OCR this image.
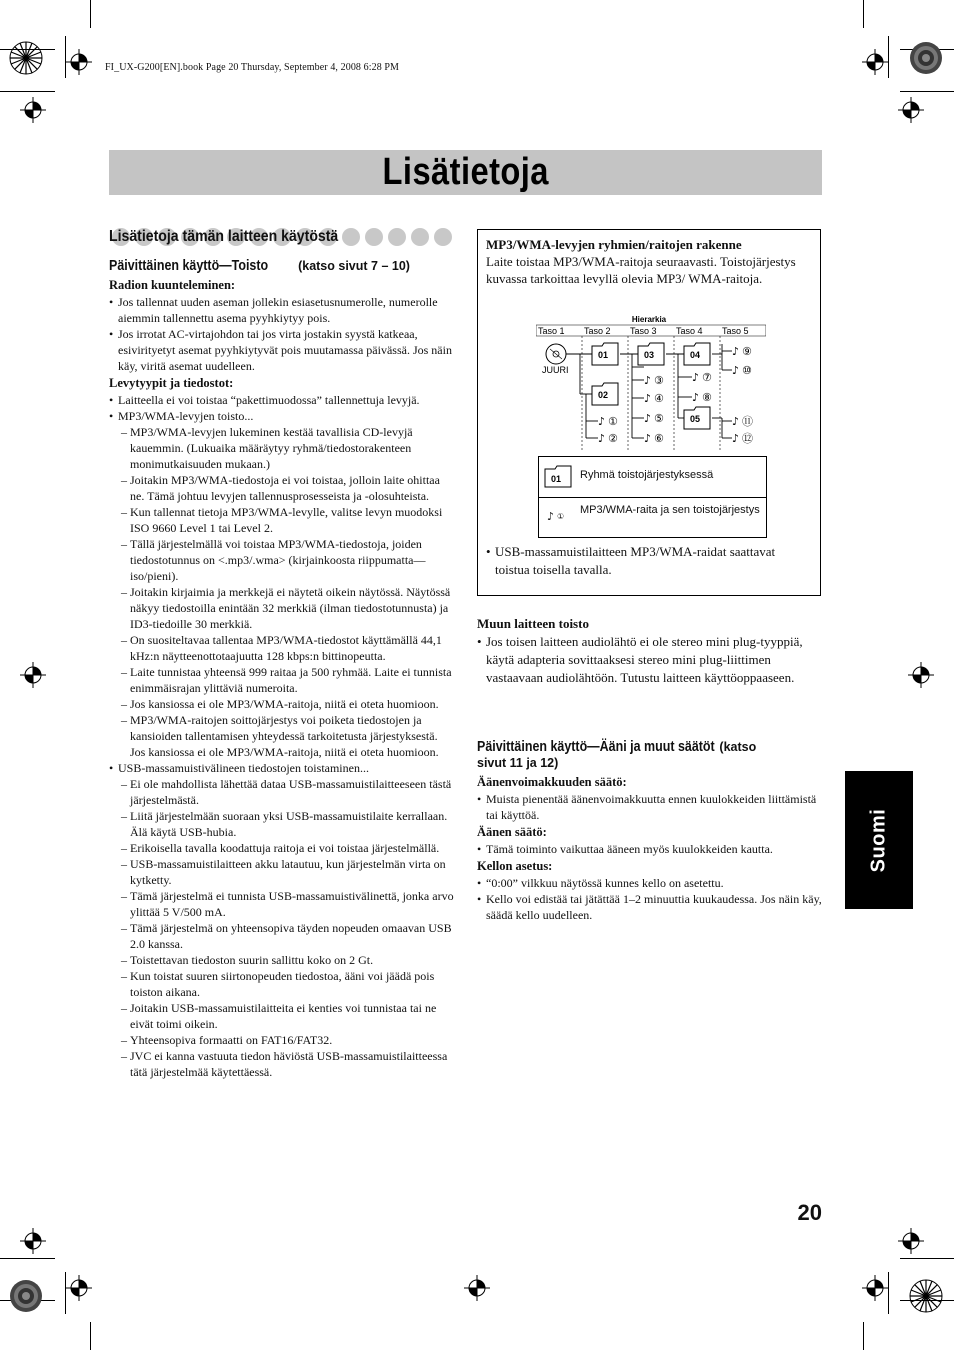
FI_UX-G200[EN].book Page 20 Thursday, September 4, 2008 6:28 PM
Lisätietoja
Lisätietoja tämän laitteen käytöstä
Päivittäinen käyttö—Toisto (katso sivut 7 – 10)
Radion kuunteleminen:
• Jos tallennat uuden aseman jollekin esiasetusnumerolle, numerolle aiemmin tallennettu asema pyyhkiytyy pois.
• Jos irrotat AC-virtajohdon tai jos virta jostakin syystä katkeaa, esivirityetyt asemat pyyhkiytyvät pois muutamassa päivässä. Jos näin käy, viritä asemat uudelleen.
Levytyypit ja tiedostot:
• Laitteella ei voi toistaa “pakettimuodossa” tallennettuja levyjä.
• MP3/WMA-levyjen toisto...
– MP3/WMA-levyjen lukeminen kestää tavallisia CD-levyjä kauemmin. (Lukuaika määräytyy ryhmä/tiedostorakenteen monimutkaisuuden mukaan.)
– Joitakin MP3/WMA-tiedostoja ei voi toistaa, jolloin laite ohittaa ne. Tämä johtuu levyjen tallennusprosesseista ja -olosuhteista.
– Kun tallennat tietoja MP3/WMA-levylle, valitse levyn muodoksi ISO 9660 Level 1 tai Level 2.
– Tällä järjestelmällä voi toistaa MP3/WMA-tiedostoja, joiden tiedostotunnus on <.mp3/.wma> (kirjainkoosta riippumatta—iso/pieni).
– Joitakin kirjaimia ja merkkejä ei näytetä oikein näytössä. Näytössä näkyy tiedostoilla enintään 32 merkkiä (ilman tiedostotunnusta) ja ID3-tiedoille 30 merkkiä.
– On suositeltavaa tallentaa MP3/WMA-tiedostot käyttämällä 44,1 kHz:n näytteenottotaajuutta 128 kbps:n bittinopeutta.
– Laite tunnistaa yhteensä 999 raitaa ja 500 ryhmää. Laite ei tunnista enimmäisrajan ylittäviä numeroita.
– Jos kansiossa ei ole MP3/WMA-raitoja, niitä ei oteta huomioon.
– MP3/WMA-raitojen soittojärjestys voi poiketa tiedostojen ja kansioiden tallentamisen yhteydessä tarkoitetusta järjestyksestä. Jos kansiossa ei ole MP3/WMA-raitoja, niitä ei oteta huomioon.
• USB-massamuistivälineen tiedostojen toistaminen...
– Ei ole mahdollista lähettää dataa USB-massamuistilaitteeseen tästä järjestelmästä.
– Liitä järjestelmään suoraan yksi USB-massamuistilaite kerrallaan. Älä käytä USB-hubia.
– Erikoisella tavalla koodattuja raitoja ei voi toistaa järjestelmällä.
– USB-massamuistilaitteen akku latautuu, kun järjestelmän virta on kytketty.
– Tämä järjestelmä ei tunnista USB-massamuistivälinettä, jonka arvo ylittää 5 V/500 mA.
– Tämä järjestelmä on yhteensopiva täyden nopeuden omaavan USB 2.0 kanssa.
– Toistettavan tiedoston suurin sallittu koko on 2 Gt.
– Kun toistat suuren siirtonopeuden tiedostoa, ääni voi jäädä pois toiston aikana.
– Joitakin USB-massamuistilaitteita ei kenties voi tunnistaa tai ne eivät toimi oikein.
– Yhteensopiva formaatti on FAT16/FAT32.
– JVC ei kanna vastuuta tiedon häviöstä USB-massamuistilaitteessa tätä järjestelmää käytettäessä.
MP3/WMA-levyjen ryhmien/raitojen rakenne
Laite toistaa MP3/WMA-raitoja seuraavasti. Toistojärjestys kuvassa tarkoittaa levyllä olevia MP3/ WMA-raitoja.
Hierarkia
Taso 1 Taso 2 Taso 3 Taso 4 Taso 5
JUURI
01
02
03	04
05
♪ ①
♪ ②
♪ ③
♪ ④
♪ ⑤
♪ ⑥
♪ ⑦
♪ ⑧
♪ ⑨
♪ ⑩
♪ ⑪
♪ ⑫
01 Ryhmä toistojärjestyksessä
♪ ①
MP3/WMA-raita ja sen toistojärjestys
• USB-massamuistilaitteen MP3/WMA-raidat saattavat toistua toisella tavalla.
Muun laitteen toisto
• Jos toisen laitteen audiolähtö ei ole stereo mini plug-tyyppiä, käytä adapteria sovittaaksesi stereo mini plug-liittimen vastaavaan audiolähtöön. Tutustu laitteen käyttöoppaaseen.
Päivittäinen käyttö—Ääni ja muut säätöt (katso
sivut 11 ja 12)
Äänenvoimakkuuden säätö:
• Muista pienentää äänenvoimakkuutta ennen kuulokkeiden liittämistä tai käyttöä.
Äänen säätö:
• Tämä toiminto vaikuttaa ääneen myös kuulokkeiden kautta.
Kellon asetus:
• “0:00” vilkkuu näytössä kunnes kello on asetettu.
• Kello voi edistää tai jätättää 1–2 minuuttia kuukaudessa. Jos näin käy, säädä kello uudelleen.
Suomi
20
